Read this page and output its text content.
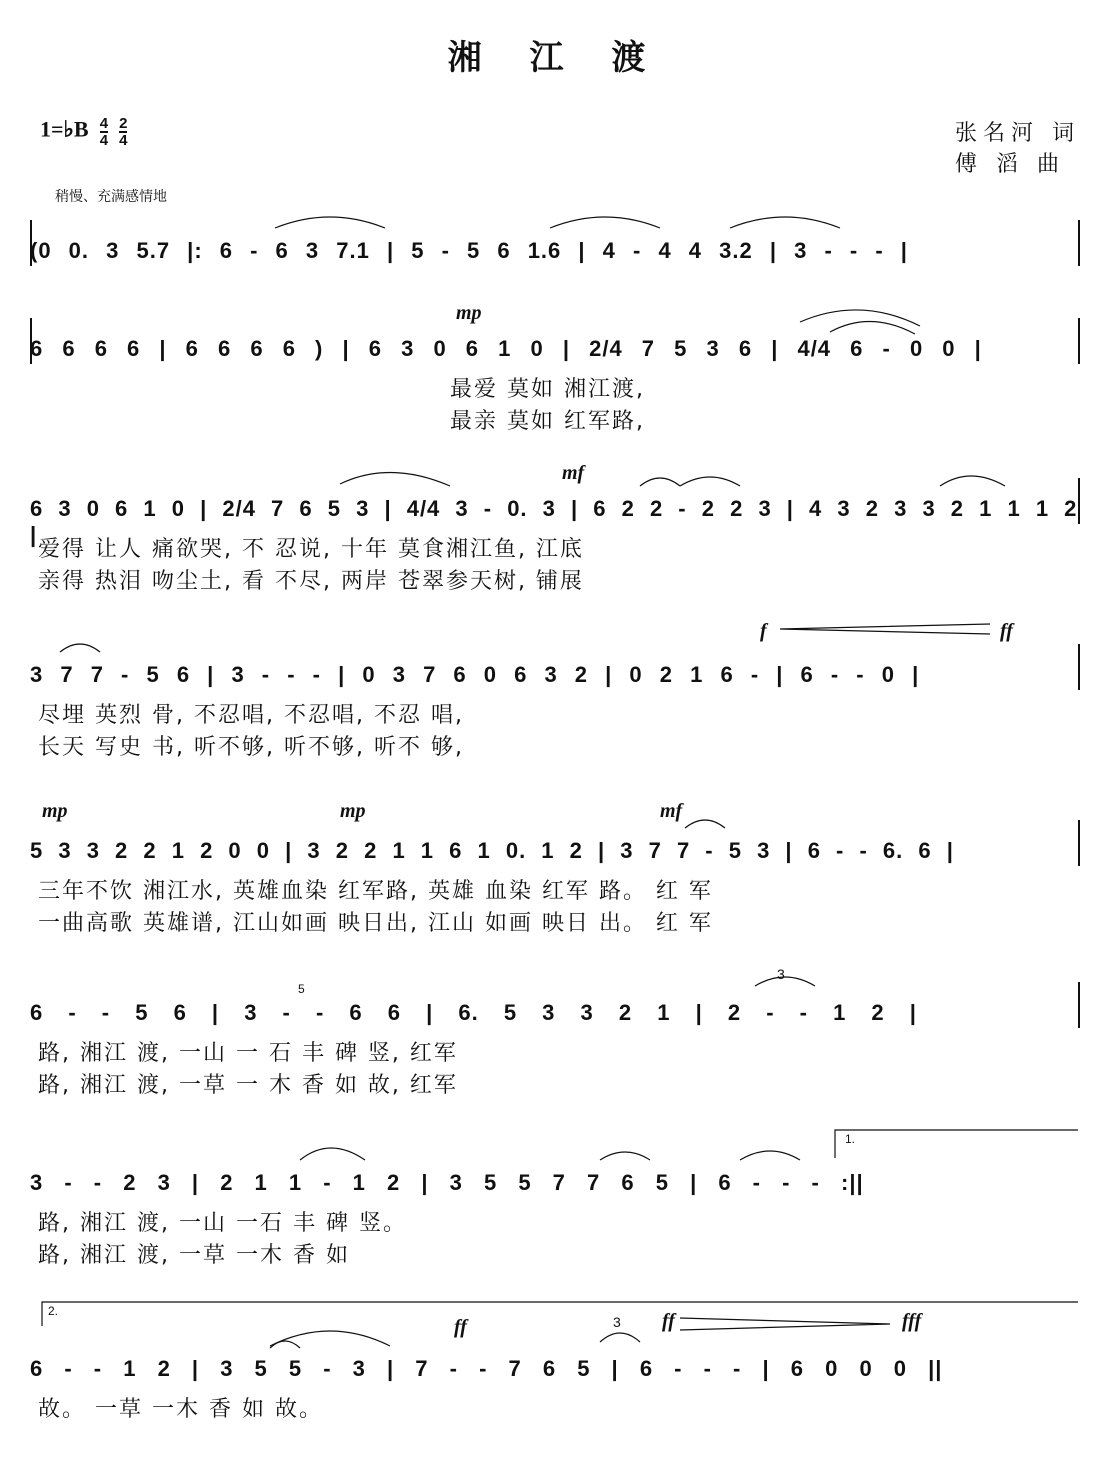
湘 江 渡
张名河 词
傅 滔 曲
1=♭B $\frac{4}{4} \frac{2}{4}$
稍慢、充满感情地
(0 0. 3 5.7 |: 6 - 6 3 7.1 | 5 - 5 6 1.6 | 4 - 4 4 3.2 | 3 - - - |
mp
6 6 6 6 | 6 6 6 6 ) | 6 3 0 6 1 0 | 2/4 7 5 3 6 | 4/4 6 - 0 0 |
最爱 莫如 湘江渡,
最亲 莫如 红军路,
mf
6 3 0 6 1 0 | 2/4 7 6 5 3 | 4/4 3 - 0. 3 | 6 2 2 - 2 2 3 | 4 3 2 3 3 2 1 1 1 2 |
爱得 让人 痛欲哭, 不 忍说, 十年 莫食湘江鱼, 江底
亲得 热泪 吻尘土, 看 不尽, 两岸 苍翠参天树, 铺展
f	ff
3 7 7 - 5 6 | 3 - - - | 0 3 7 6 0 6 3 2 | 0 2 1 6 - | 6 - - 0 |
尽埋 英烈 骨, 不忍唱, 不忍唱, 不忍 唱,
长天 写史 书, 听不够, 听不够, 听不 够,
mp	mp	mf
5 3 3 2 2 1 2 0 0 | 3 2 2 1 1 6 1 0. 1 2 | 3 7 7 - 5 3 | 6 - - 6. 6 |
三年不饮 湘江水, 英雄血染 红军路, 英雄 血染 红军 路。 红 军
一曲高歌 英雄谱, 江山如画 映日出, 江山 如画 映日 出。 红 军
5
6 - - 5 6 | 3 - - 6 6 | 6. 5 3 3 2 1 | 2 - - 1 2 |
路, 湘江 渡, 一山 一 石 丰 碑 竖, 红军
路, 湘江 渡, 一草 一 木 香 如 故, 红军
3
1.
3 - - 2 3 | 2 1 1 - 1 2 | 3 5 5 7 7 6 5 | 6 - - - :||
路, 湘江 渡, 一山 一石 丰 碑 竖。
路, 湘江 渡, 一草 一木 香 如
2.
ff	ff	fff
3
6 - - 1 2 | 3 5 5 - 3 | 7 - - 7 6 5 | 6 - - - | 6 0 0 0 ||
故。 一草 一木 香 如 故。
